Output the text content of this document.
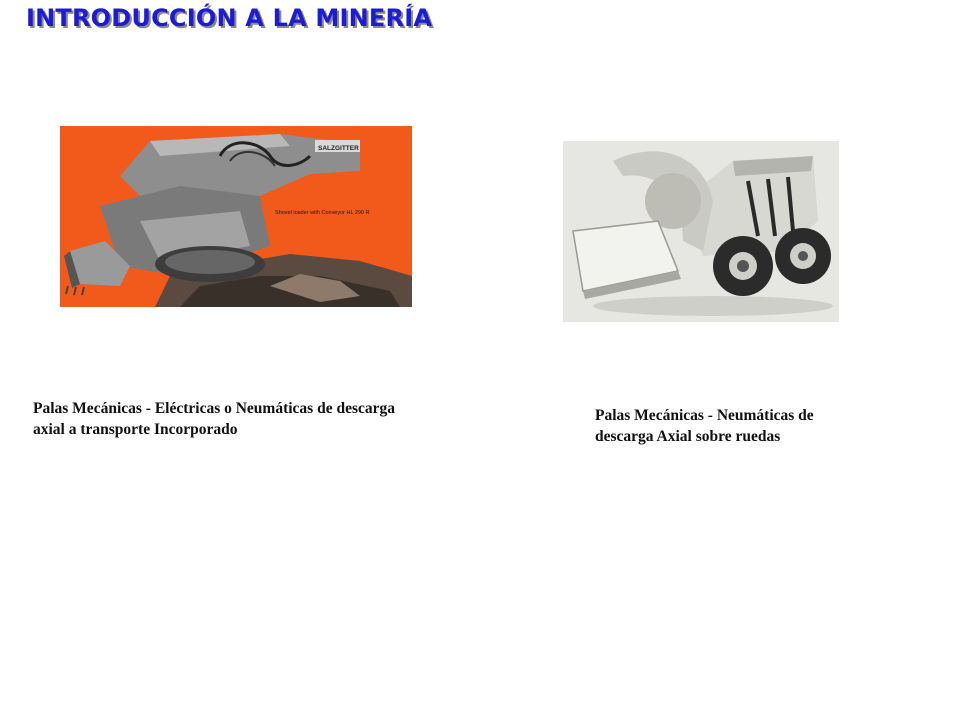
INTRODUCCIÓN A LA MINERÍA
SALZGITTER
Shovel loader with Conveyor HL 290 R
Palas Mecánicas - Eléctricas o Neumáticas de descarga
axial a transporte Incorporado
Palas Mecánicas - Neumáticas de
descarga Axial sobre ruedas
